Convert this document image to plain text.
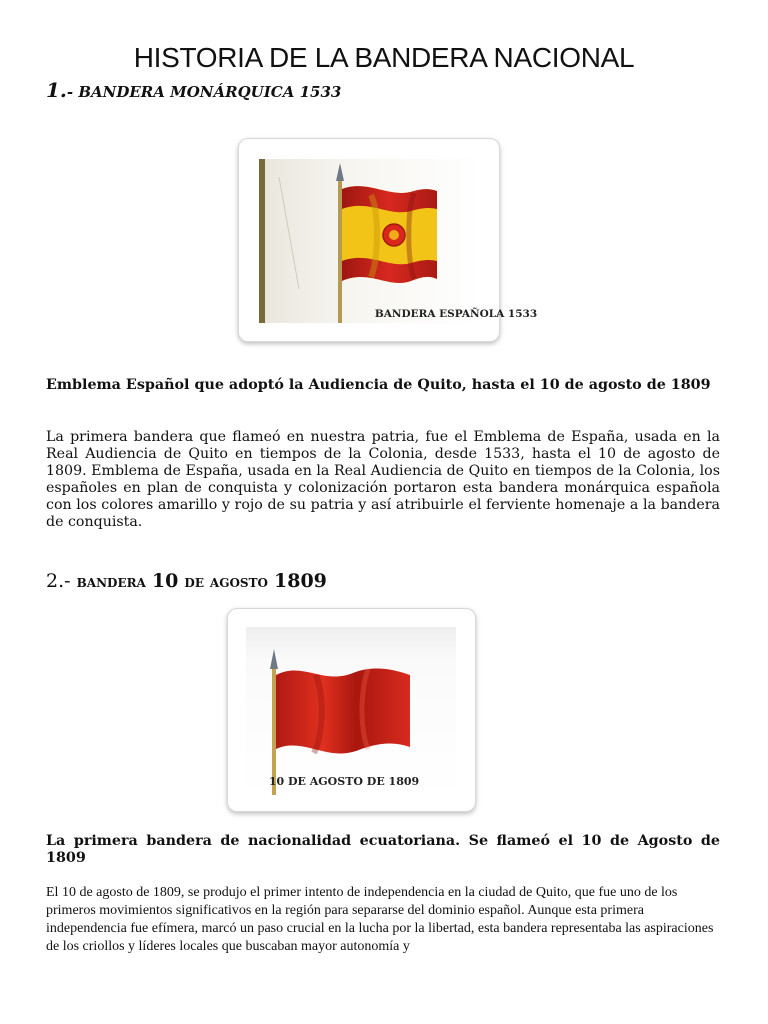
HISTORIA DE LA BANDERA NACIONAL
1.- BANDERA MONÁRQUICA 1533
BANDERA ESPAÑOLA 1533
Emblema Español que adoptó la Audiencia de Quito, hasta el 10 de agosto de 1809
La primera bandera que flameó en nuestra patria, fue el Emblema de España, usada en la Real Audiencia de Quito en tiempos de la Colonia, desde 1533, hasta el 10 de agosto de 1809. Emblema de España, usada en la Real Audiencia de Quito en tiempos de la Colonia, los españoles en plan de conquista y colonización portaron esta bandera monárquica española con los colores amarillo y rojo de su patria y así atribuirle el ferviente homenaje a la bandera de conquista.
2.- bandera 10 de agosto 1809
10 DE AGOSTO DE 1809
La primera bandera de nacionalidad ecuatoriana. Se flameó el 10 de Agosto de 1809
El 10 de agosto de 1809, se produjo el primer intento de independencia en la ciudad de Quito, que fue uno de los primeros movimientos significativos en la región para separarse del dominio español. Aunque esta primera independencia fue efímera, marcó un paso crucial en la lucha por la libertad, esta bandera representaba las aspiraciones de los criollos y líderes locales que buscaban mayor autonomía y
